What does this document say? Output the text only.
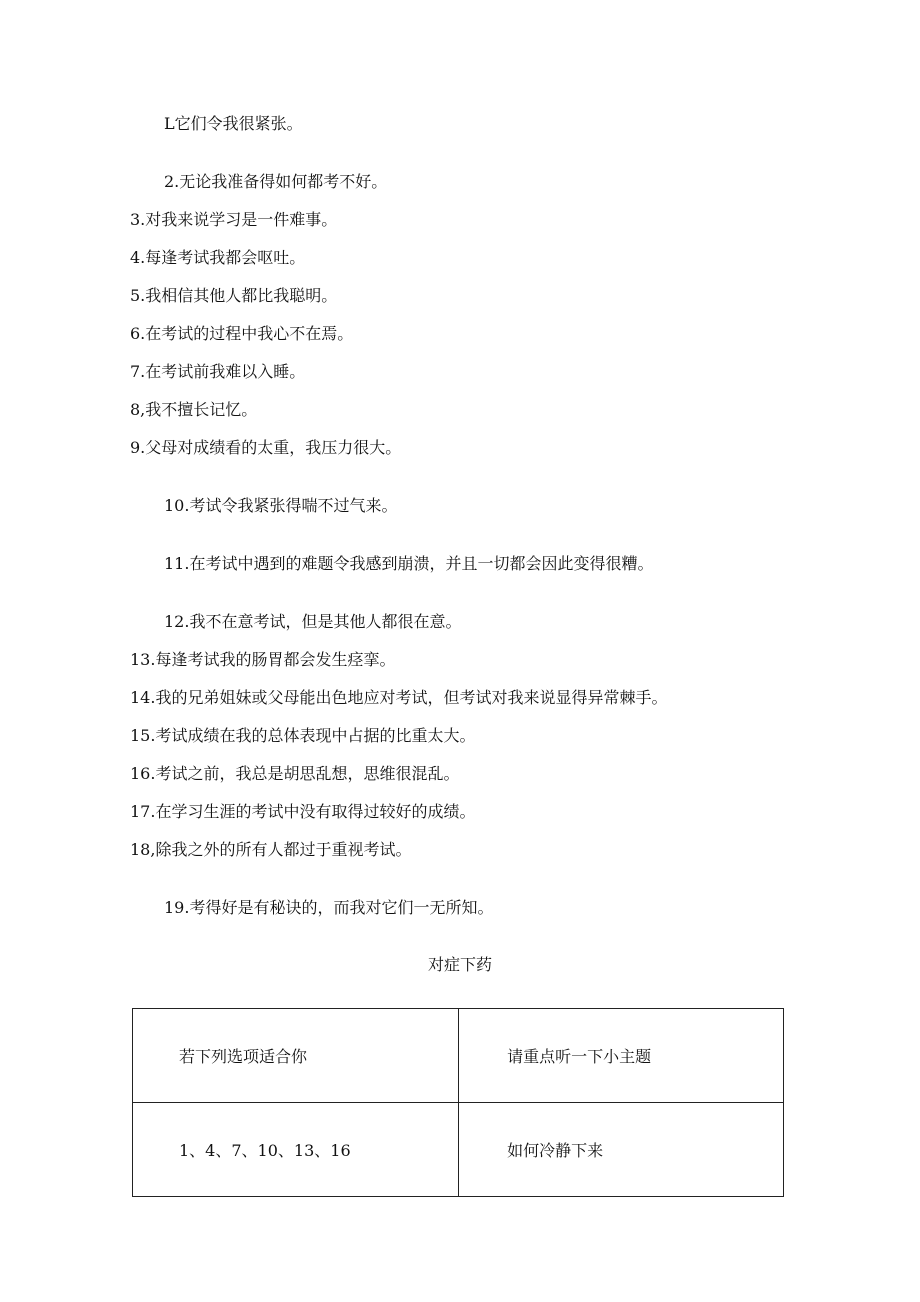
L它们令我很紧张。
2.无论我准备得如何都考不好。
3.对我来说学习是一件难事。
4.每逢考试我都会呕吐。
5.我相信其他人都比我聪明。
6.在考试的过程中我心不在焉。
7.在考试前我难以入睡。
8,我不擅长记忆。
9.父母对成绩看的太重，我压力很大。
10.考试令我紧张得喘不过气来。
11.在考试中遇到的难题令我感到崩溃，并且一切都会因此变得很糟。
12.我不在意考试，但是其他人都很在意。
13.每逢考试我的肠胃都会发生痉挛。
14.我的兄弟姐妹或父母能出色地应对考试，但考试对我来说显得异常棘手。
15.考试成绩在我的总体表现中占据的比重太大。
16.考试之前，我总是胡思乱想，思维很混乱。
17.在学习生涯的考试中没有取得过较好的成绩。
18,除我之外的所有人都过于重视考试。
19.考得好是有秘诀的，而我对它们一无所知。
对症下药
若下列选项适合你	请重点听一下小主题
1、4、7、10、13、16	如何冷静下来
